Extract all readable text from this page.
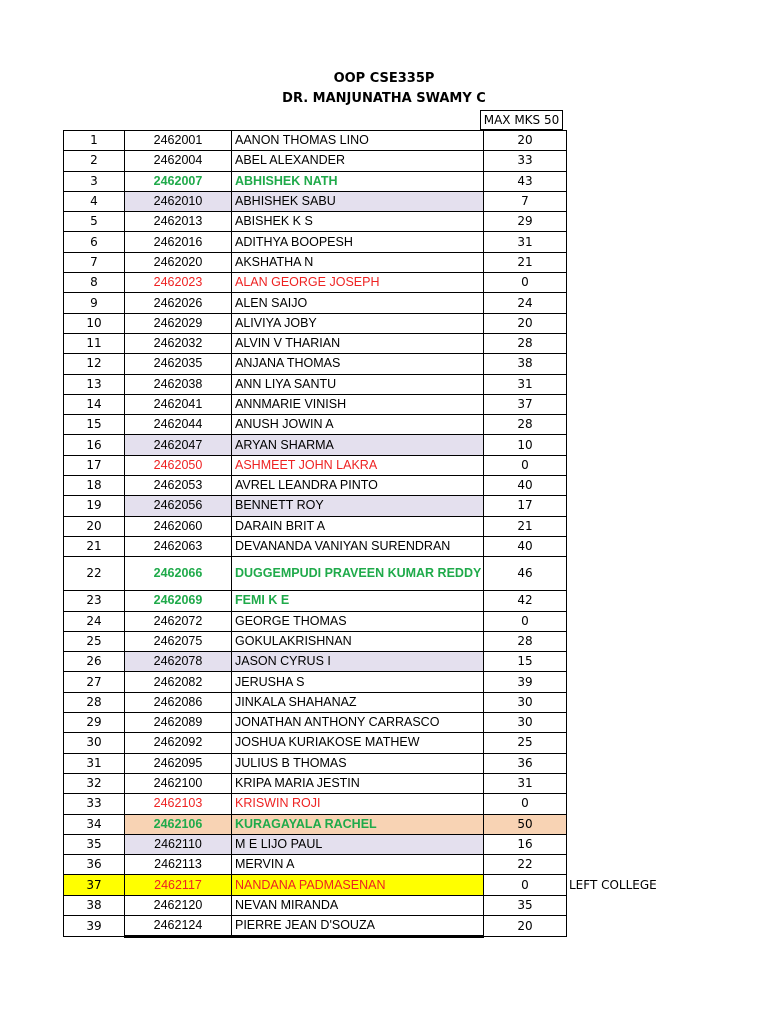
OOP CSE335P
DR. MANJUNATHA SWAMY C
MAX MKS 50
1	2462001	AANON THOMAS LINO	20	
2	2462004	ABEL ALEXANDER	33	
3	2462007	ABHISHEK NATH	43	
4	2462010	ABHISHEK SABU	7	
5	2462013	ABISHEK K S	29	
6	2462016	ADITHYA BOOPESH	31	
7	2462020	AKSHATHA N	21	
8	2462023	ALAN GEORGE JOSEPH	0	
9	2462026	ALEN SAIJO	24	
10	2462029	ALIVIYA JOBY	20	
11	2462032	ALVIN V THARIAN	28	
12	2462035	ANJANA THOMAS	38	
13	2462038	ANN LIYA SANTU	31	
14	2462041	ANNMARIE VINISH	37	
15	2462044	ANUSH JOWIN A	28	
16	2462047	ARYAN SHARMA	10	
17	2462050	ASHMEET JOHN LAKRA	0	
18	2462053	AVREL LEANDRA PINTO	40	
19	2462056	BENNETT ROY	17	
20	2462060	DARAIN BRIT A	21	
21	2462063	DEVANANDA VANIYAN SURENDRAN	40	
22	2462066	DUGGEMPUDI PRAVEEN KUMAR REDDY	46	
23	2462069	FEMI K E	42	
24	2462072	GEORGE THOMAS	0	
25	2462075	GOKULAKRISHNAN	28	
26	2462078	JASON CYRUS I	15	
27	2462082	JERUSHA S	39	
28	2462086	JINKALA SHAHANAZ	30	
29	2462089	JONATHAN ANTHONY CARRASCO	30	
30	2462092	JOSHUA KURIAKOSE MATHEW	25	
31	2462095	JULIUS B THOMAS	36	
32	2462100	KRIPA MARIA JESTIN	31	
33	2462103	KRISWIN ROJI	0	
34	2462106	KURAGAYALA RACHEL	50	
35	2462110	M E LIJO PAUL	16	
36	2462113	MERVIN A	22	
37	2462117	NANDANA PADMASENAN	0	LEFT COLLEGE
38	2462120	NEVAN MIRANDA	35	
39	2462124	PIERRE JEAN D'SOUZA	20	
